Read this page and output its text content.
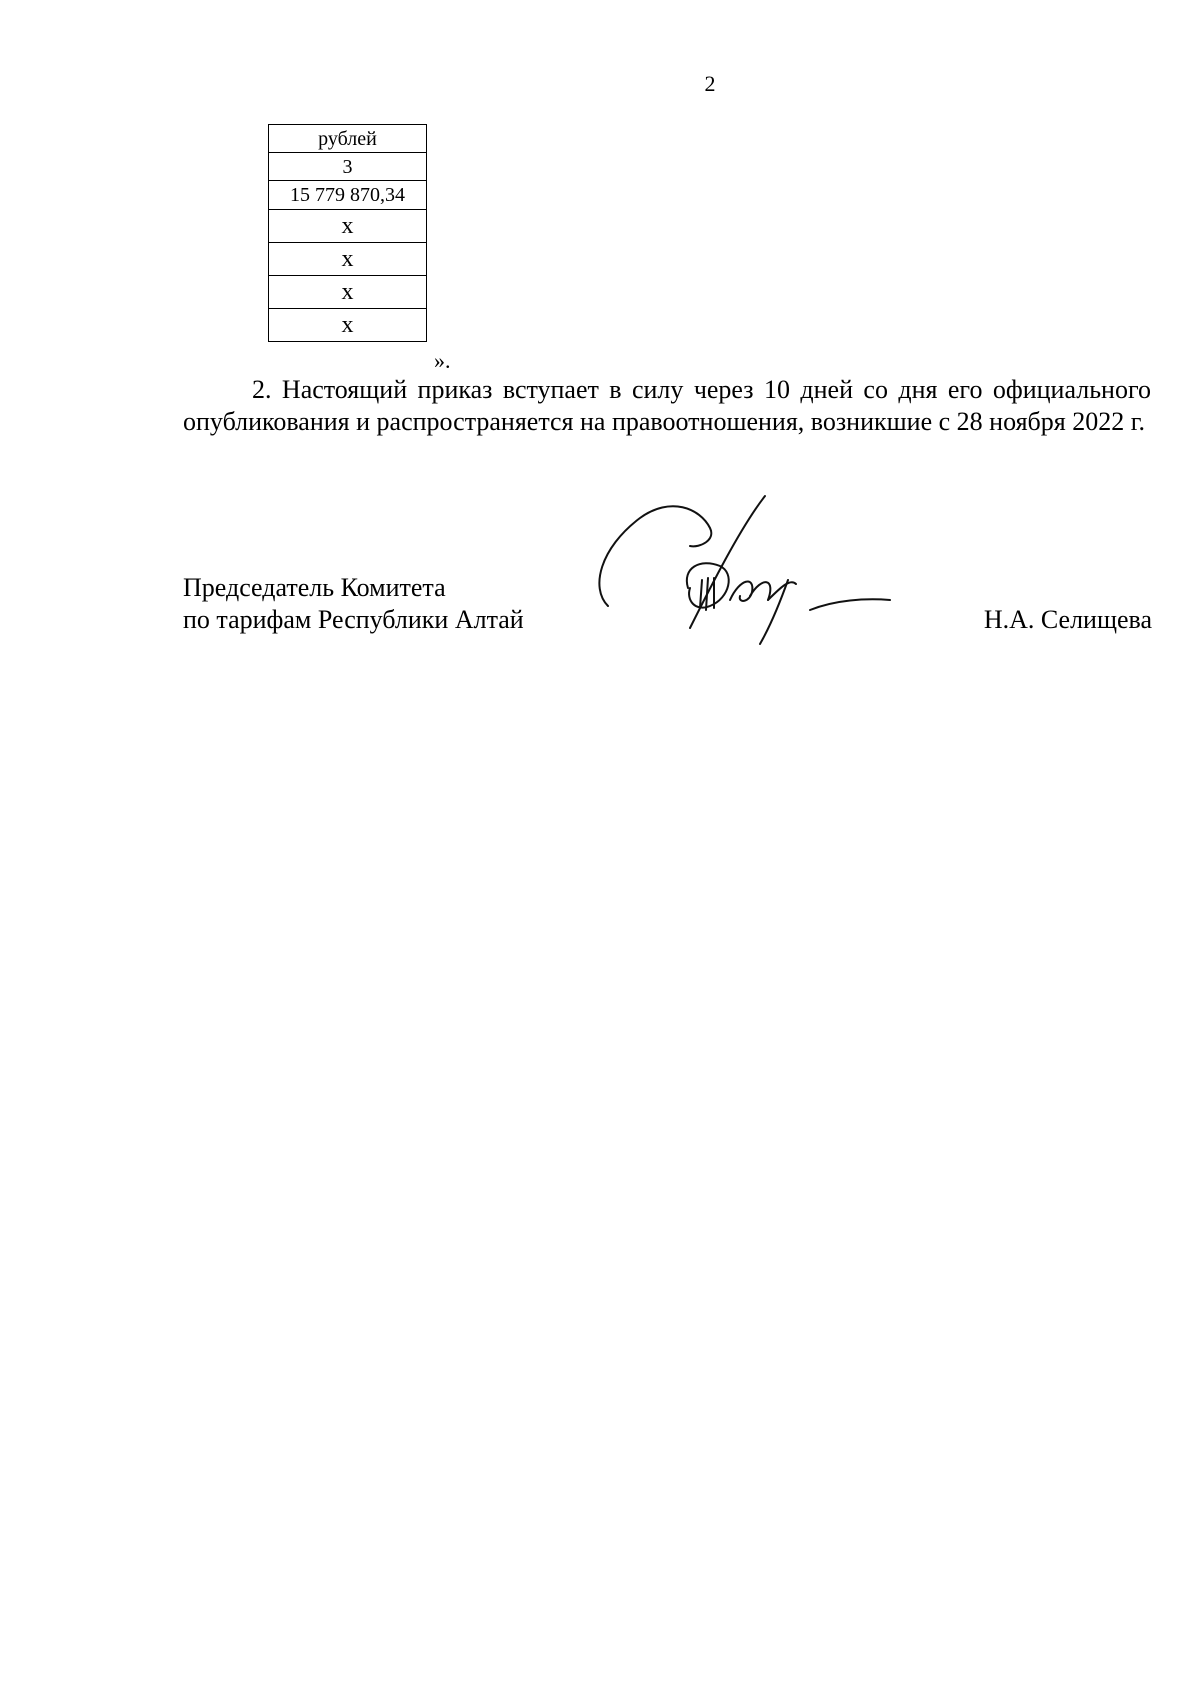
2
рублей
3
15 779 870,34
х
х
х
х
».

2. Настоящий приказ вступает в силу через 10 дней со дня его официального опубликования и распространяется на правоотношения, возникшие с 28 ноября 2022 г.

Председатель Комитета
по тарифам Республики Алтай	Н.А. Селищева
